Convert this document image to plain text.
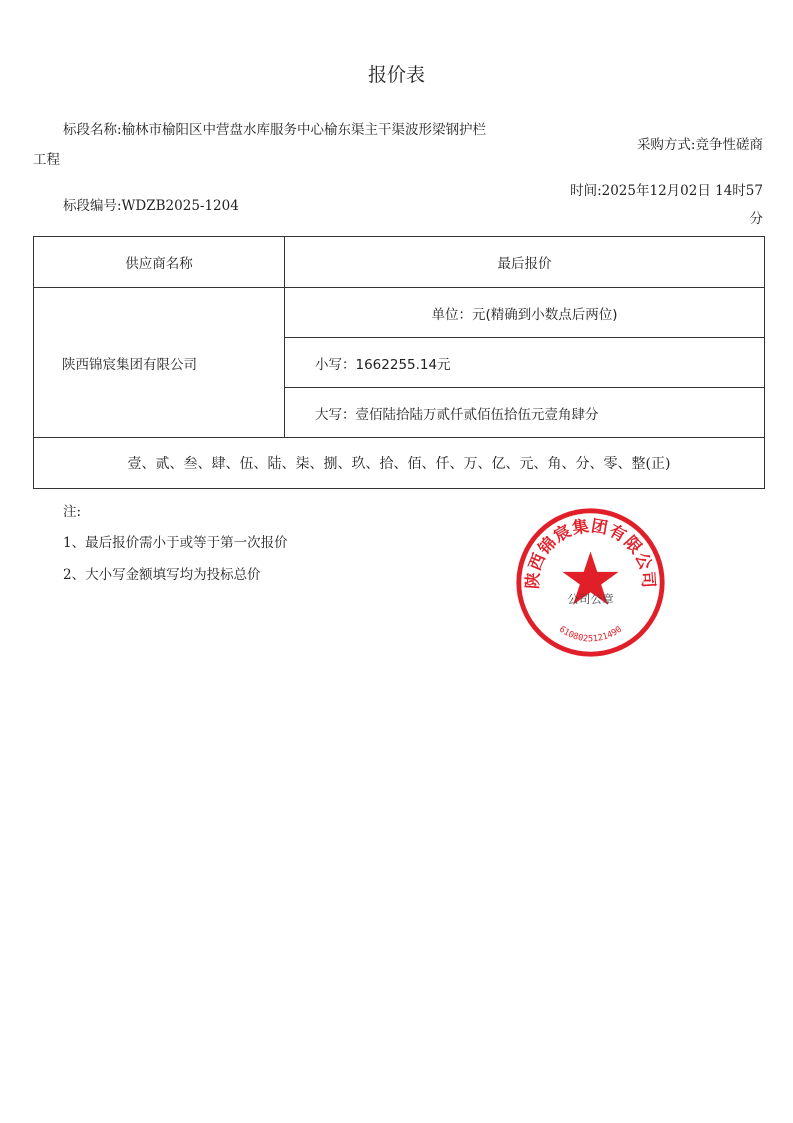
报价表
标段名称:榆林市榆阳区中营盘水库服务中心榆东渠主干渠波形梁钢护栏
工程
采购方式:竞争性磋商
时间:2025年12月02日 14时57
分
标段编号:WDZB2025-1204
供应商名称	最后报价
陕西锦宸集团有限公司	单位：元(精确到小数点后两位)
	小写：1662255.14元
	大写：壹佰陆拾陆万贰仟贰佰伍拾伍元壹角肆分
壹、贰、叁、肆、伍、陆、柒、捌、玖、拾、佰、仟、万、亿、元、角、分、零、整(正)	
注:
1、最后报价需小于或等于第一次报价
2、大小写金额填写均为投标总价	陕西锦宸集团有限公司
公司公章
6108025121490
